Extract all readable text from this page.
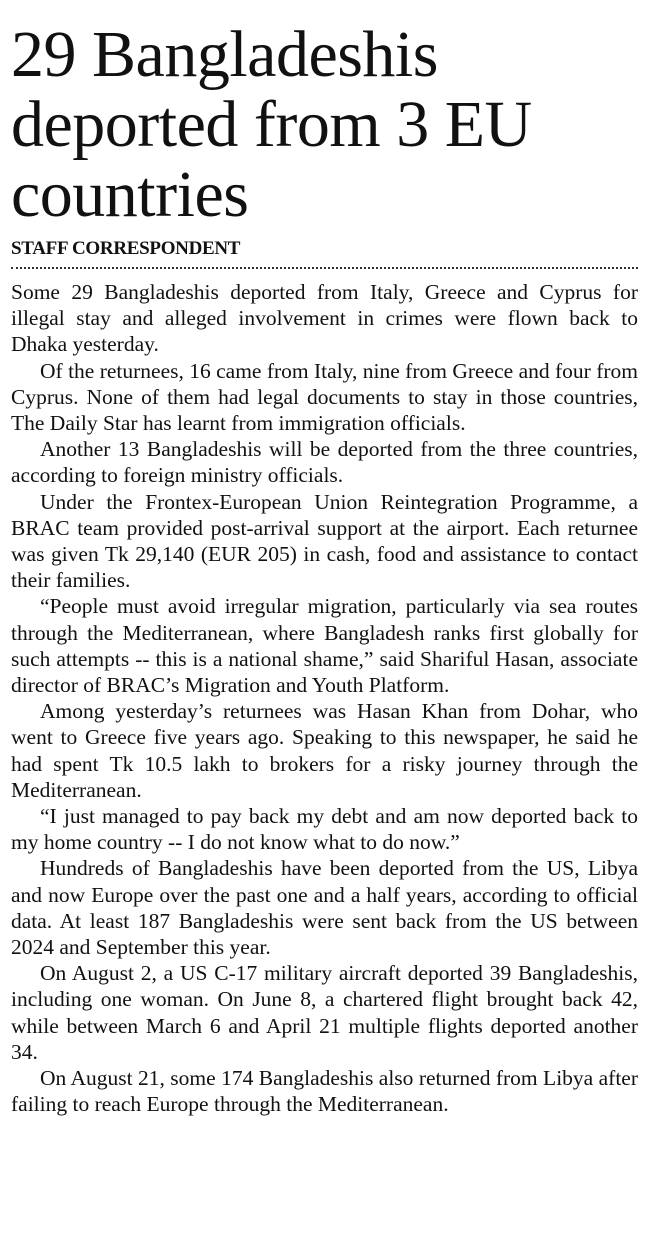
29 Bangladeshis deported from 3 EU countries
STAFF CORRESPONDENT

Some 29 Bangladeshis deported from Italy, Greece and Cyprus for illegal stay and alleged involvement in crimes were flown back to Dhaka yesterday.

Of the returnees, 16 came from Italy, nine from Greece and four from Cyprus. None of them had legal documents to stay in those countries, The Daily Star has learnt from immigration officials.

Another 13 Bangladeshis will be deported from the three countries, according to foreign ministry officials.

Under the Frontex-European Union Reintegration Programme, a BRAC team provided post-arrival support at the airport. Each returnee was given Tk 29,140 (EUR 205) in cash, food and assistance to contact their families.

“People must avoid irregular migration, particularly via sea routes through the Mediterranean, where Bangladesh ranks first globally for such attempts -- this is a national shame,” said Shariful Hasan, associate director of BRAC’s Migration and Youth Platform.

Among yesterday’s returnees was Hasan Khan from Dohar, who went to Greece five years ago. Speaking to this newspaper, he said he had spent Tk 10.5 lakh to brokers for a risky journey through the Mediterranean.

“I just managed to pay back my debt and am now deported back to my home country -- I do not know what to do now.”

Hundreds of Bangladeshis have been deported from the US, Libya and now Europe over the past one and a half years, according to official data. At least 187 Bangladeshis were sent back from the US between 2024 and September this year.

On August 2, a US C-17 military aircraft deported 39 Bangladeshis, including one woman. On June 8, a chartered flight brought back 42, while between March 6 and April 21 multiple flights deported another 34.

On August 21, some 174 Bangladeshis also returned from Libya after failing to reach Europe through the Mediterranean.
